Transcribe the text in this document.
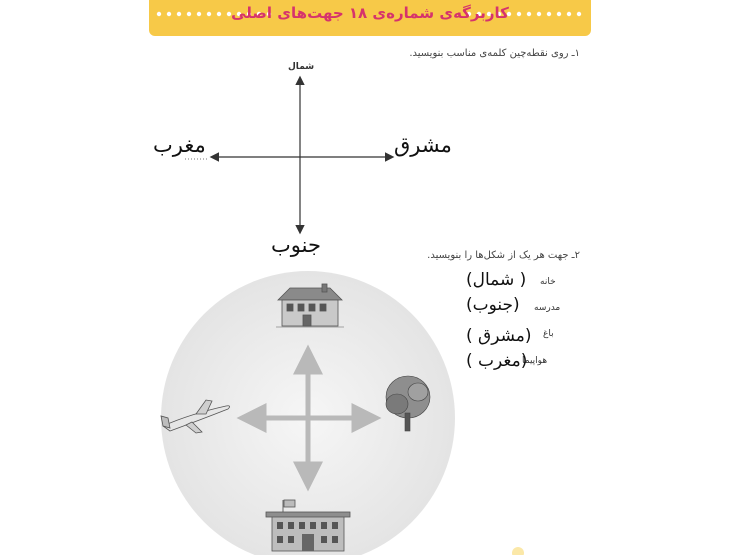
کاربرگه‌ی شماره‌ی ۱۸ جهت‌های اصلی
۱ـ روی نقطه‌چین کلمه‌ی مناسب بنویسید.
شمال
مشرق
مغرب
جنوب	۲ـ جهت هر یک از شکل‌ها را بنویسید.
خانه
( شمال)
مدرسه
(جنوب)
باغ
(مشرق )
هواپیما
(مغرب )
